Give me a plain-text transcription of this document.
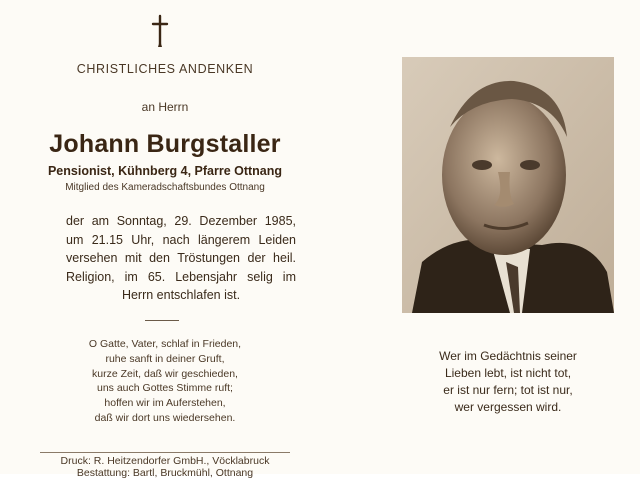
CHRISTLICHES ANDENKEN
an Herrn
Johann Burgstaller
Pensionist, Kühnberg 4, Pfarre Ottnang
Mitglied des Kameradschaftsbundes Ottnang
der am Sonntag, 29. Dezember 1985,
um 21.15 Uhr, nach längerem Leiden
versehen mit den Tröstungen der heil.
Religion, im 65. Lebensjahr selig im
Herrn entschlafen ist.
O Gatte, Vater, schlaf in Frieden,
ruhe sanft in deiner Gruft,
kurze Zeit, daß wir geschieden,
uns auch Gottes Stimme ruft;
hoffen wir im Auferstehen,
daß wir dort uns wiedersehen.
Druck: R. Heitzendorfer GmbH., Vöcklabruck
Bestattung: Bartl, Bruckmühl, Ottnang
Wer im Gedächtnis seiner
Lieben lebt, ist nicht tot,
er ist nur fern; tot ist nur,
wer vergessen wird.
